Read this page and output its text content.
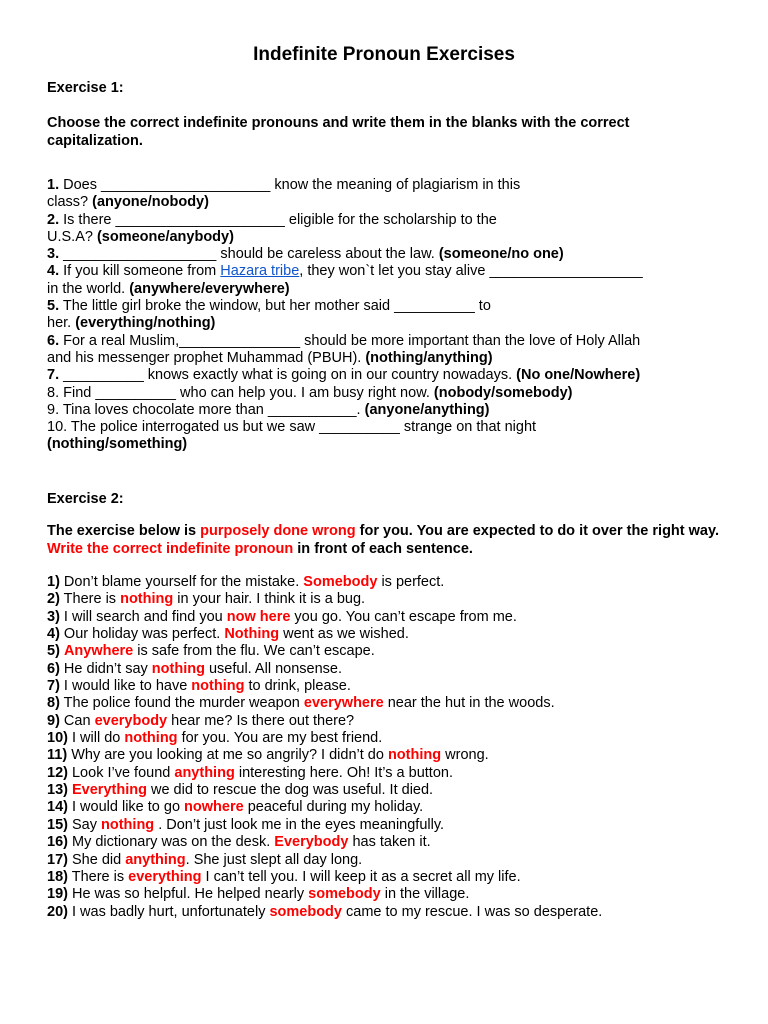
Indefinite Pronoun Exercises

Exercise 1:

Choose the correct indefinite pronouns and write them in the blanks with the correct capitalization.

1. Does _____________________ know the meaning of plagiarism in this
class? (anyone/nobody)
2. Is there _____________________ eligible for the scholarship to the
U.S.A? (someone/anybody)
3. ___________________ should be careless about the law. (someone/no one)
4. If you kill someone from Hazara tribe, they won`t let you stay alive ___________________
in the world. (anywhere/everywhere)
5. The little girl broke the window, but her mother said __________ to
her. (everything/nothing)
6. For a real Muslim,_______________ should be more important than the love of Holy Allah
and his messenger prophet Muhammad (PBUH). (nothing/anything)
7. __________ knows exactly what is going on in our country nowadays. (No one/Nowhere)
8. Find __________ who can help you. I am busy right now. (nobody/somebody)
9. Tina loves chocolate more than ___________. (anyone/anything)
10. The police interrogated us but we saw __________ strange on that night
(nothing/something)

Exercise 2:

The exercise below is purposely done wrong for you. You are expected to do it over the right way. Write the correct indefinite pronoun in front of each sentence.

1) Don’t blame yourself for the mistake. Somebody is perfect.
2) There is nothing in your hair. I think it is a bug.
3) I will search and find you now here you go. You can’t escape from me.
4) Our holiday was perfect. Nothing went as we wished.
5) Anywhere is safe from the flu. We can’t escape.
6) He didn’t say nothing useful. All nonsense.
7) I would like to have nothing to drink, please.
8) The police found the murder weapon everywhere near the hut in the woods.
9) Can everybody hear me? Is there out there?
10) I will do nothing for you. You are my best friend.
11) Why are you looking at me so angrily? I didn’t do nothing wrong.
12) Look I’ve found anything interesting here. Oh! It’s a button.
13) Everything we did to rescue the dog was useful. It died.
14) I would like to go nowhere peaceful during my holiday.
15) Say nothing . Don’t just look me in the eyes meaningfully.
16) My dictionary was on the desk. Everybody has taken it.
17) She did anything. She just slept all day long.
18) There is everything I can’t tell you. I will keep it as a secret all my life.
19) He was so helpful. He helped nearly somebody in the village.
20) I was badly hurt, unfortunately somebody came to my rescue. I was so desperate.
